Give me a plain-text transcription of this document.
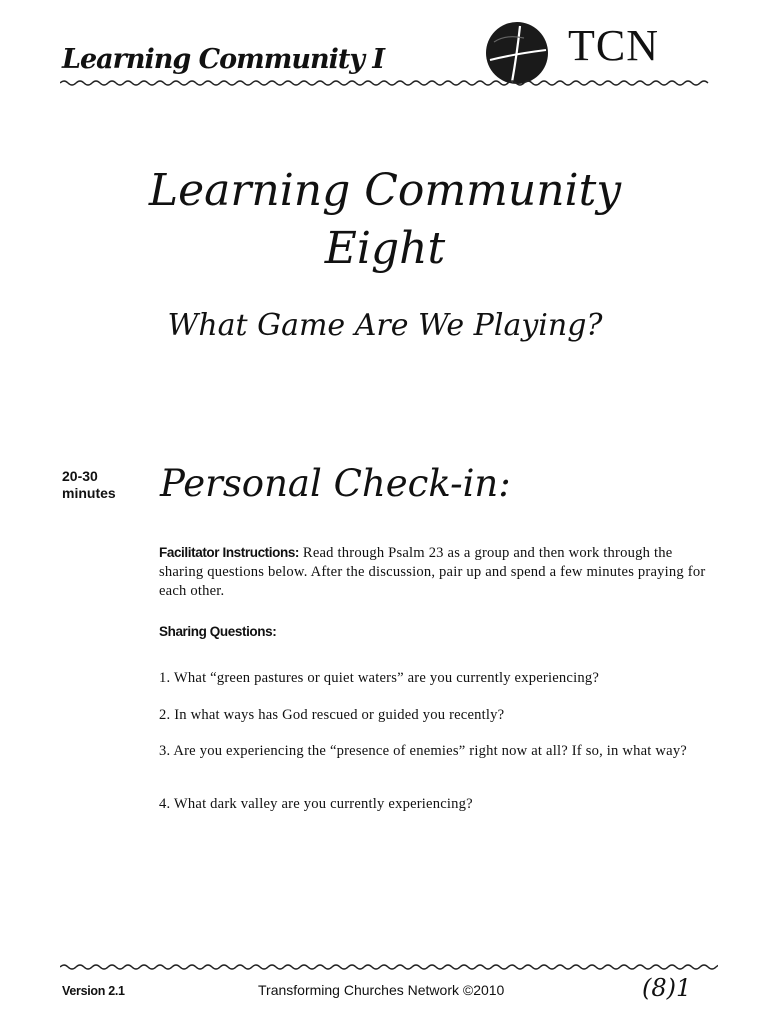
Learning Community I	TCN
Learning Community
Eight
What Game Are We Playing?
20-30
minutes Personal Check-in:
Facilitator Instructions: Read through Psalm 23 as a group and then work through the sharing questions below. After the discussion, pair up and spend a few minutes praying for each other.
Sharing Questions:
1. What “green pastures or quiet waters” are you currently experiencing?
2. In what ways has God rescued or guided you recently?
3. Are you experiencing the “presence of enemies” right now at all? If so, in what way?
4. What dark valley are you currently experiencing?
Version 2.1	Transforming Churches Network ©2010	(8)1
